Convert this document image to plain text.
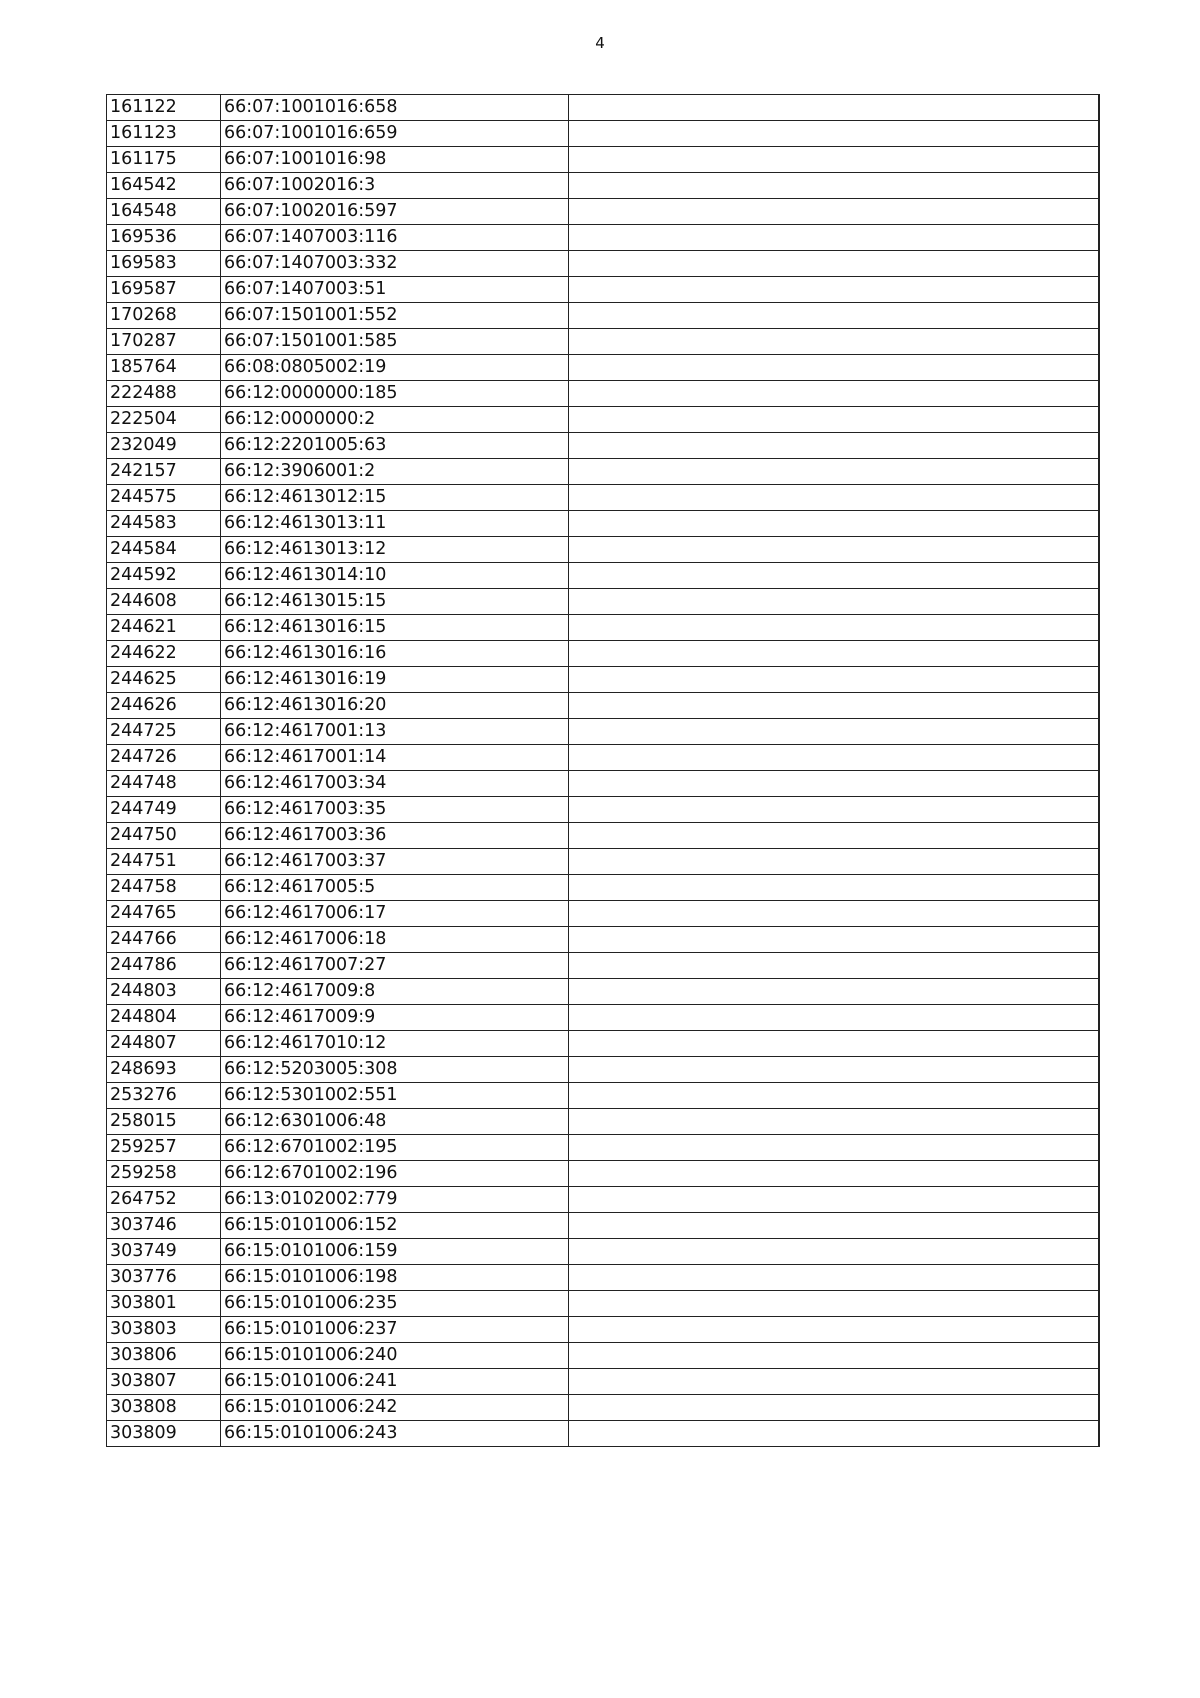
4
161122	66:07:1001016:658		
161123	66:07:1001016:659		
161175	66:07:1001016:98		
164542	66:07:1002016:3		
164548	66:07:1002016:597		
169536	66:07:1407003:116		
169583	66:07:1407003:332		
169587	66:07:1407003:51		
170268	66:07:1501001:552		
170287	66:07:1501001:585		
185764	66:08:0805002:19		
222488	66:12:0000000:185		
222504	66:12:0000000:2		
232049	66:12:2201005:63		
242157	66:12:3906001:2		
244575	66:12:4613012:15		
244583	66:12:4613013:11		
244584	66:12:4613013:12		
244592	66:12:4613014:10		
244608	66:12:4613015:15		
244621	66:12:4613016:15		
244622	66:12:4613016:16		
244625	66:12:4613016:19		
244626	66:12:4613016:20		
244725	66:12:4617001:13		
244726	66:12:4617001:14		
244748	66:12:4617003:34		
244749	66:12:4617003:35		
244750	66:12:4617003:36		
244751	66:12:4617003:37		
244758	66:12:4617005:5		
244765	66:12:4617006:17		
244766	66:12:4617006:18		
244786	66:12:4617007:27		
244803	66:12:4617009:8		
244804	66:12:4617009:9		
244807	66:12:4617010:12		
248693	66:12:5203005:308		
253276	66:12:5301002:551		
258015	66:12:6301006:48		
259257	66:12:6701002:195		
259258	66:12:6701002:196		
264752	66:13:0102002:779		
303746	66:15:0101006:152		
303749	66:15:0101006:159		
303776	66:15:0101006:198		
303801	66:15:0101006:235		
303803	66:15:0101006:237		
303806	66:15:0101006:240		
303807	66:15:0101006:241		
303808	66:15:0101006:242		
303809	66:15:0101006:243		
